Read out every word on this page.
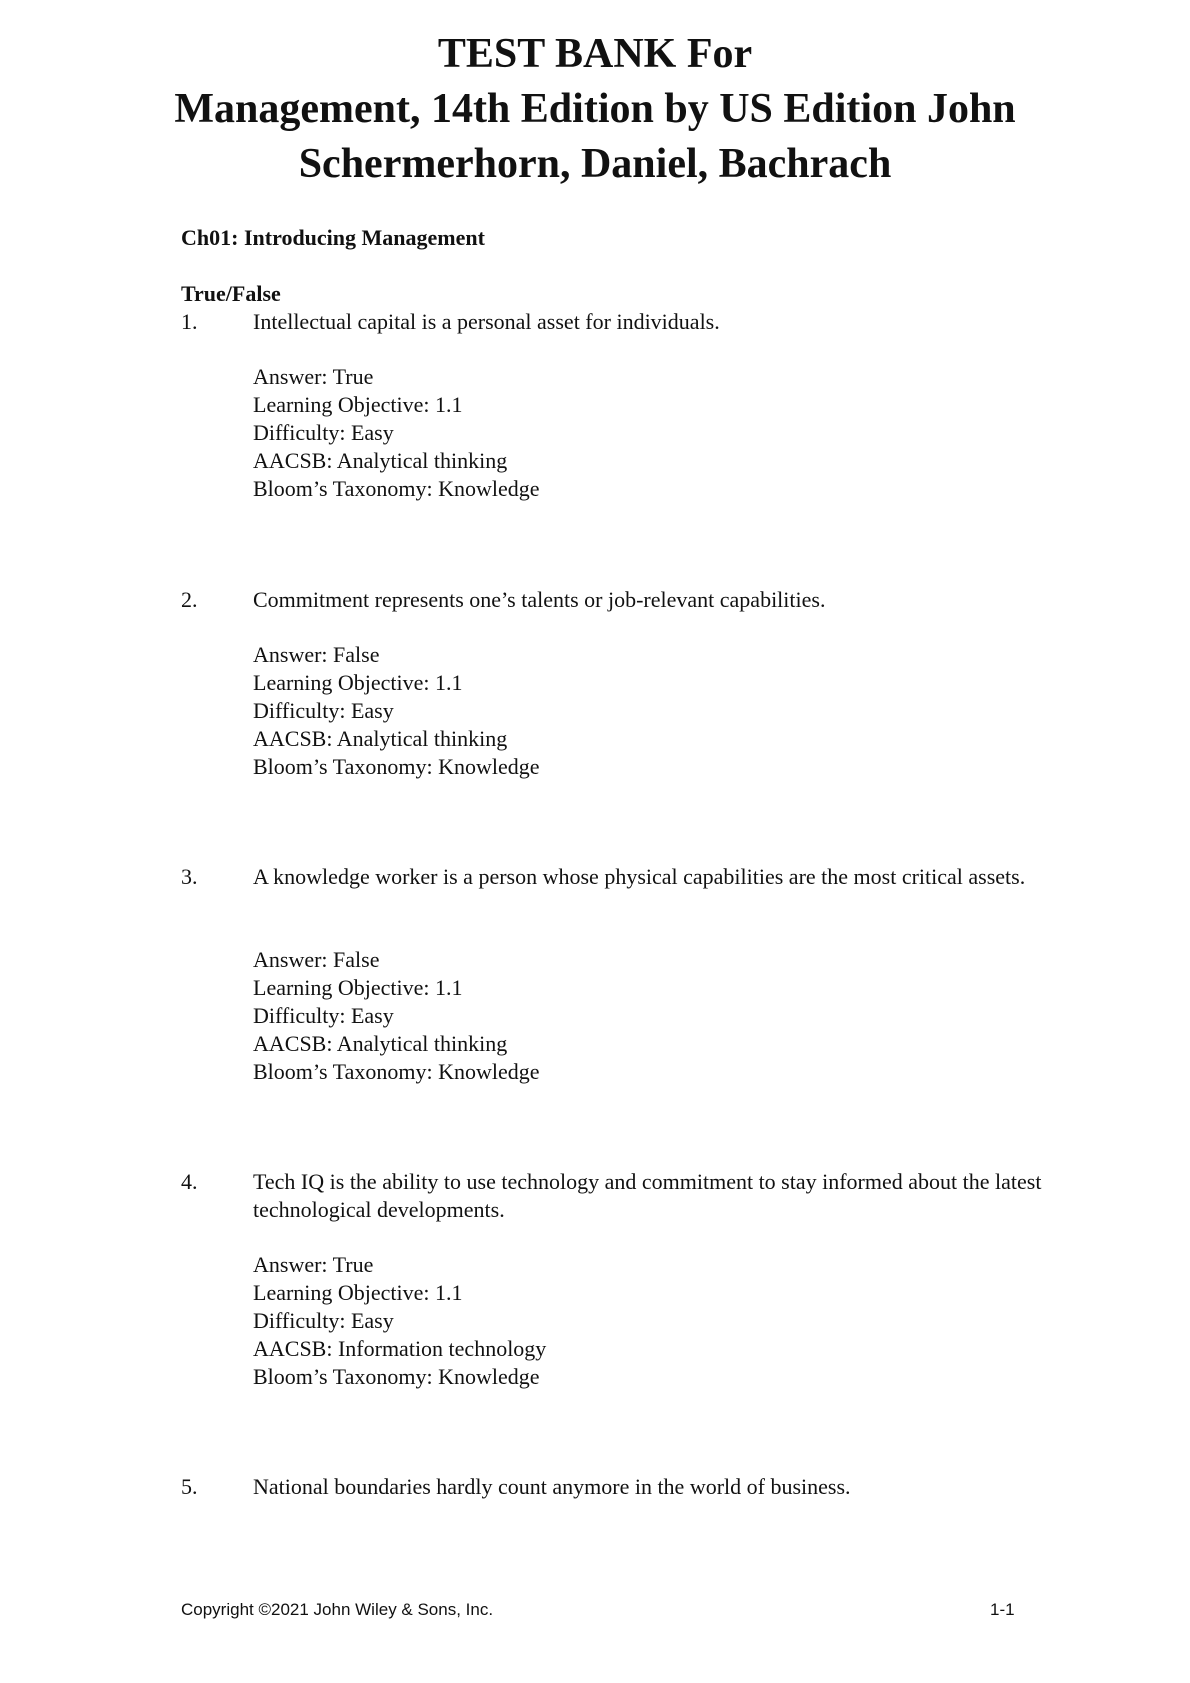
TEST BANK For
Management, 14th Edition by US Edition John
Schermerhorn, Daniel, Bachrach
Ch01: Introducing Management
True/False
1.	Intellectual capital is a personal asset for individuals.
Answer: True
Learning Objective: 1.1
Difficulty: Easy
AACSB: Analytical thinking
Bloom’s Taxonomy: Knowledge
2.	Commitment represents one’s talents or job-relevant capabilities.
Answer: False
Learning Objective: 1.1
Difficulty: Easy
AACSB: Analytical thinking
Bloom’s Taxonomy: Knowledge
3.	A knowledge worker is a person whose physical capabilities are the most critical assets.
Answer: False
Learning Objective: 1.1
Difficulty: Easy
AACSB: Analytical thinking
Bloom’s Taxonomy: Knowledge
4.	Tech IQ is the ability to use technology and commitment to stay informed about the latest technological developments.
Answer: True
Learning Objective: 1.1
Difficulty: Easy
AACSB: Information technology
Bloom’s Taxonomy: Knowledge
5.	National boundaries hardly count anymore in the world of business.
Copyright ©2021 John Wiley & Sons, Inc.	1-1
